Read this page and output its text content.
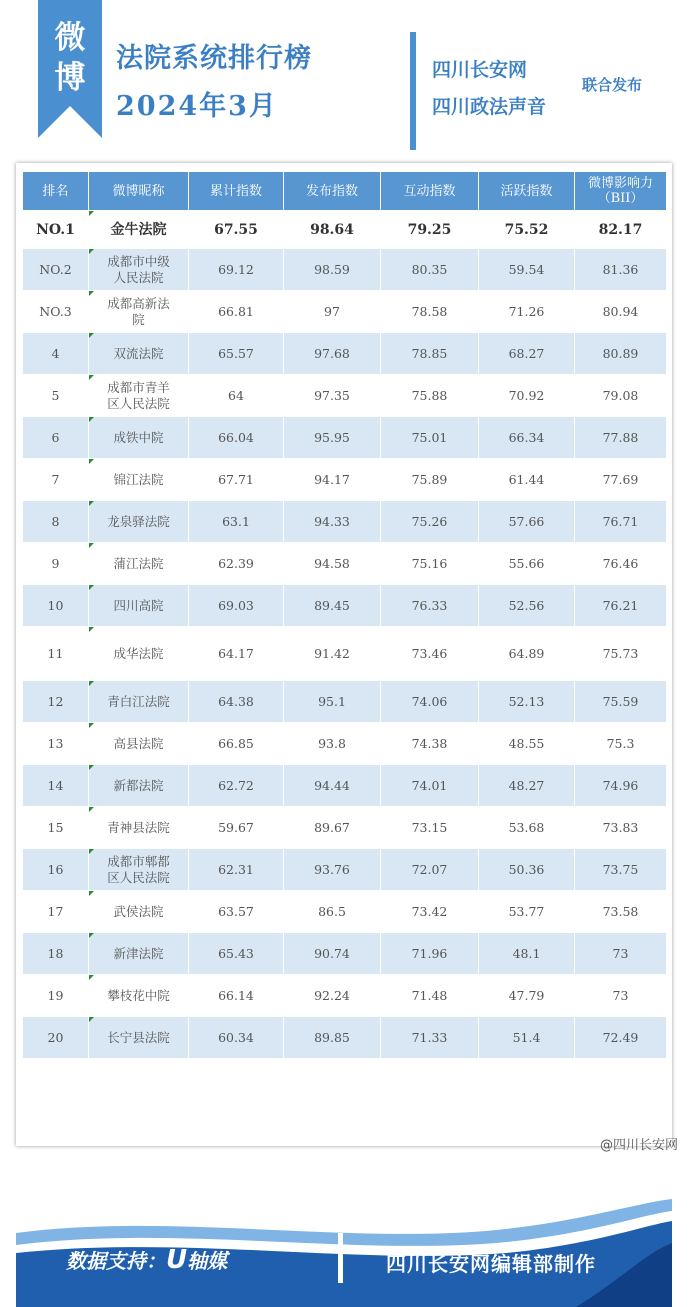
微
博
法院系统排行榜
2024年3月
四川长安网
四川政法声音
联合发布
排名	微博昵称	累计指数	发布指数	互动指数	活跃指数	微博影响力
（BII）

NO.1	金牛法院	67.55	98.64	79.25	75.52	82.17
NO.2	成都市中级人民法院	69.12	98.59	80.35	59.54	81.36
NO.3	成都高新法院	66.81	97	78.58	71.26	80.94
4	双流法院	65.57	97.68	78.85	68.27	80.89
5	成都市青羊区人民法院	64	97.35	75.88	70.92	79.08
6	成铁中院	66.04	95.95	75.01	66.34	77.88
7	锦江法院	67.71	94.17	75.89	61.44	77.69
8	龙泉驿法院	63.1	94.33	75.26	57.66	76.71
9	蒲江法院	62.39	94.58	75.16	55.66	76.46
10	四川高院	69.03	89.45	76.33	52.56	76.21
11	成华法院	64.17	91.42	73.46	64.89	75.73
12	青白江法院	64.38	95.1	74.06	52.13	75.59
13	高县法院	66.85	93.8	74.38	48.55	75.3
14	新都法院	62.72	94.44	74.01	48.27	74.96
15	青神县法院	59.67	89.67	73.15	53.68	73.83
16	成都市郫都区人民法院	62.31	93.76	72.07	50.36	73.75
17	武侯法院	63.57	86.5	73.42	53.77	73.58
18	新津法院	65.43	90.74	71.96	48.1	73
19	攀枝花中院	66.14	92.24	71.48	47.79	73
20	长宁县法院	60.34	89.85	71.33	51.4	72.49
数据支持：U轴媒	四川长安网编辑部制作
@四川长安网
